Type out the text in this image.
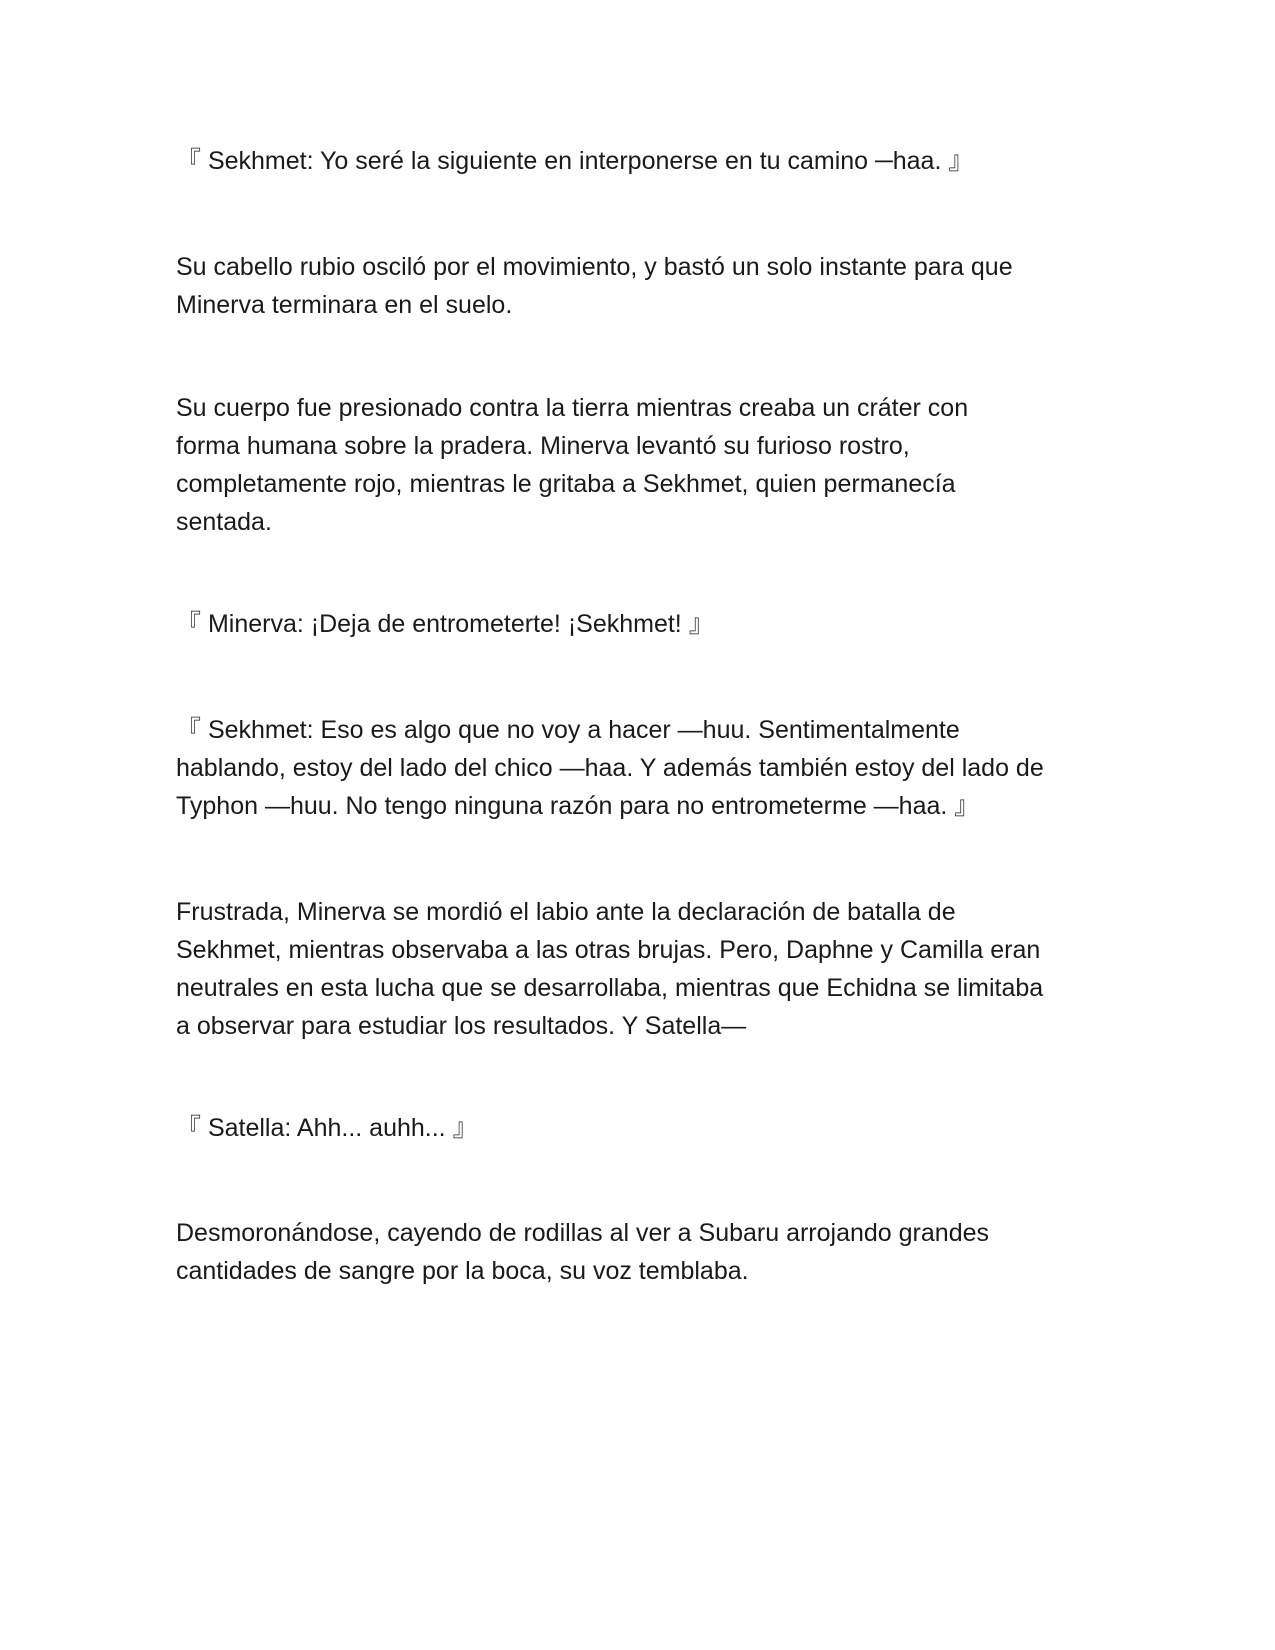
『 Sekhmet: Yo seré la siguiente en interponerse en tu camino ─haa. 』

Su cabello rubio osciló por el movimiento, y bastó un solo instante para que
Minerva terminara en el suelo.

Su cuerpo fue presionado contra la tierra mientras creaba un cráter con
forma humana sobre la pradera. Minerva levantó su furioso rostro,
completamente rojo, mientras le gritaba a Sekhmet, quien permanecía
sentada.

『 Minerva: ¡Deja de entrometerte! ¡Sekhmet! 』

『 Sekhmet: Eso es algo que no voy a hacer —huu. Sentimentalmente
hablando, estoy del lado del chico —haa. Y además también estoy del lado de
Typhon —huu. No tengo ninguna razón para no entrometerme —haa. 』

Frustrada, Minerva se mordió el labio ante la declaración de batalla de
Sekhmet, mientras observaba a las otras brujas. Pero, Daphne y Camilla eran
neutrales en esta lucha que se desarrollaba, mientras que Echidna se limitaba
a observar para estudiar los resultados. Y Satella—

『 Satella: Ahh... auhh... 』

Desmoronándose, cayendo de rodillas al ver a Subaru arrojando grandes
cantidades de sangre por la boca, su voz temblaba.
